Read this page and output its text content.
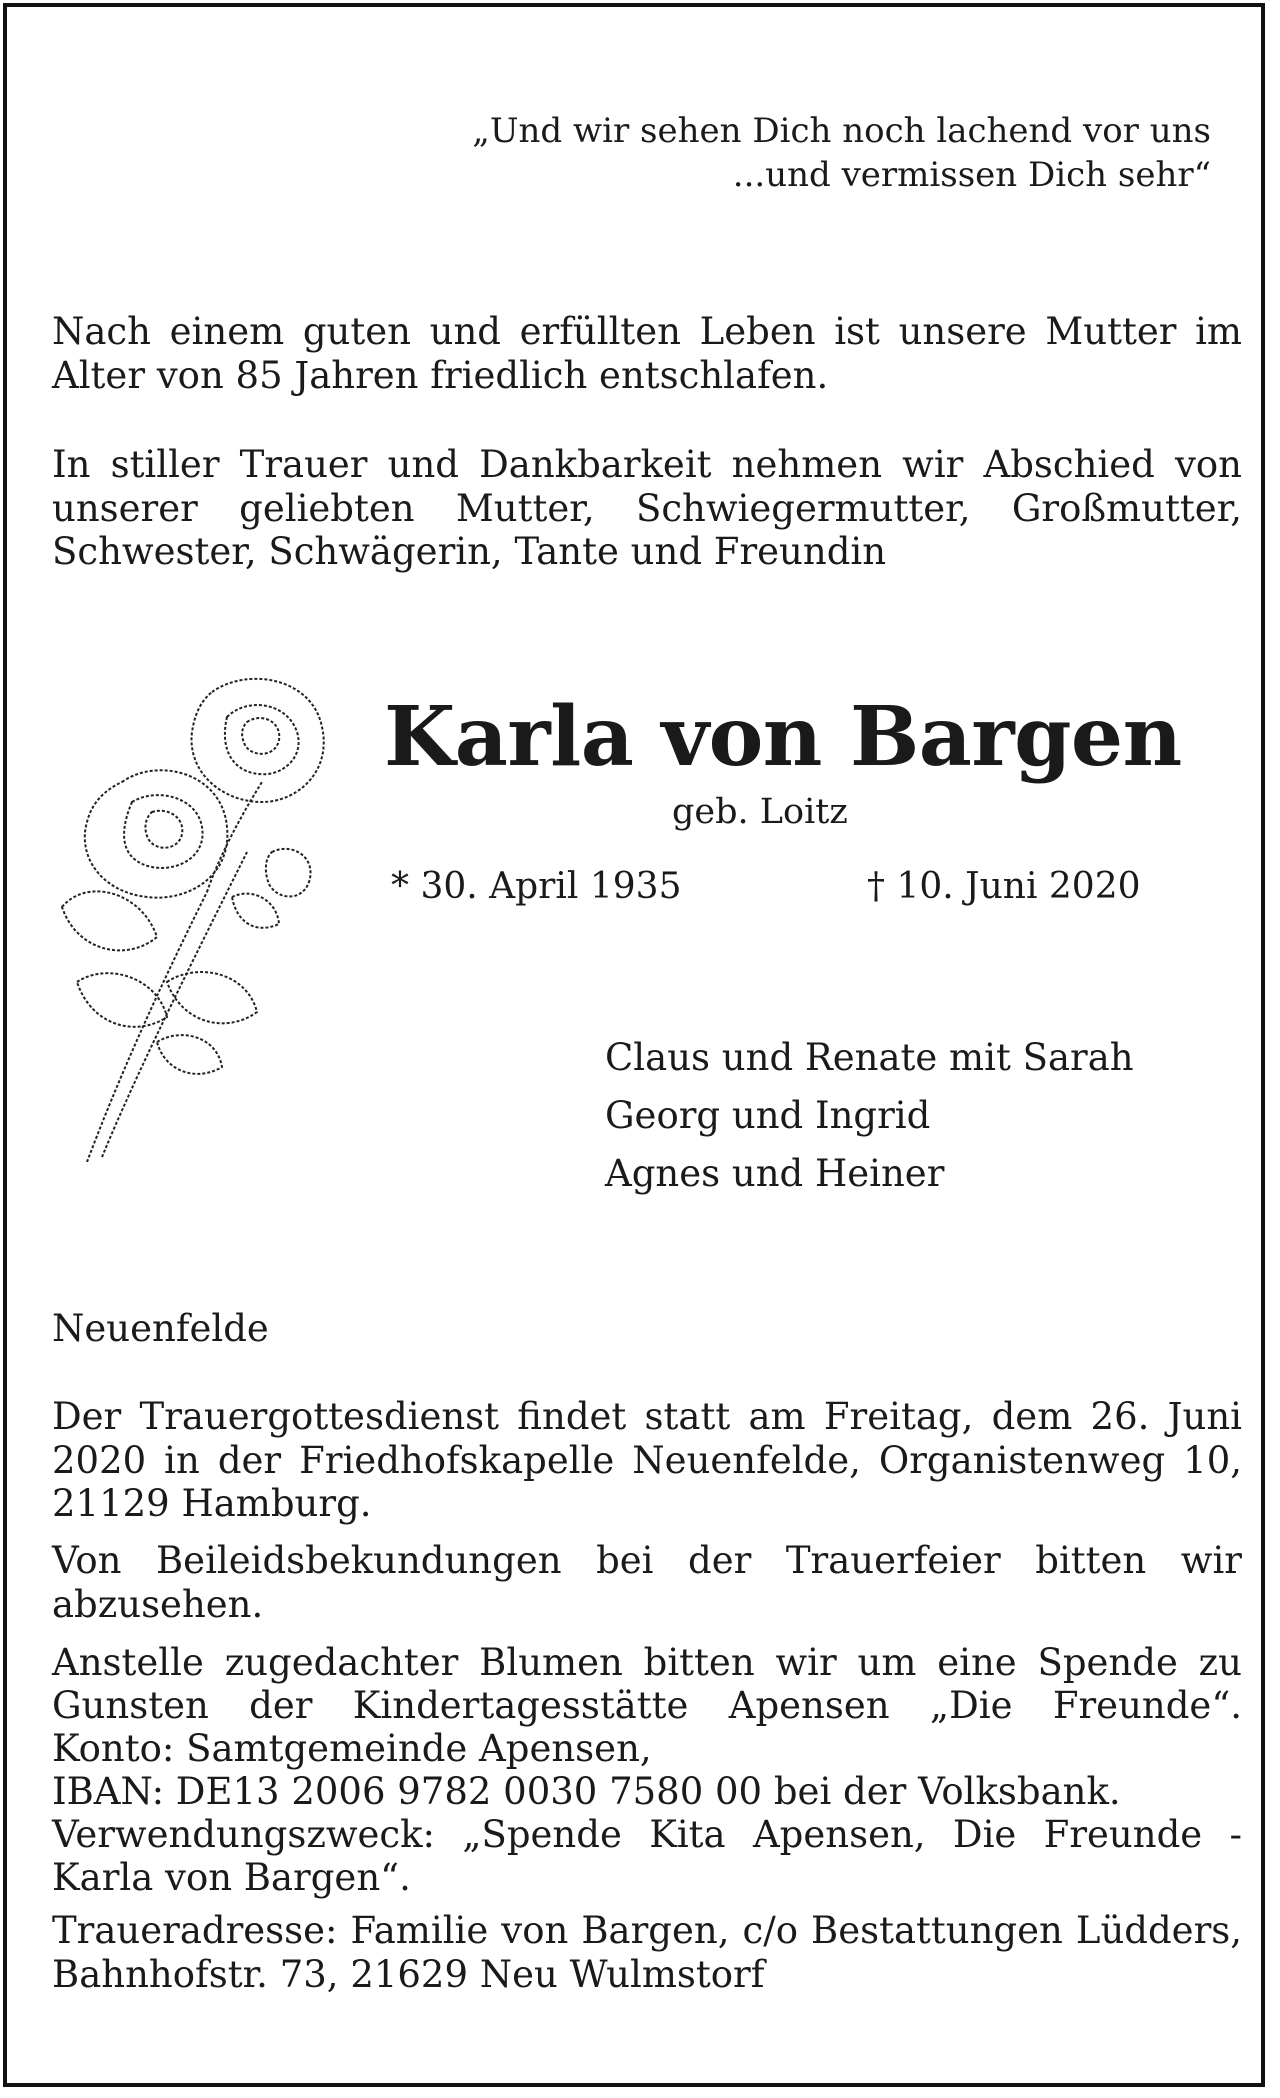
„Und wir sehen Dich noch lachend vor uns
...und vermissen Dich sehr“

Nach einem guten und erfüllten Leben ist unsere Mutter im Alter von 85 Jahren friedlich entschlafen.

In stiller Trauer und Dankbarkeit nehmen wir Abschied von unserer geliebten Mutter, Schwiegermutter, Großmutter, Schwester, Schwägerin, Tante und Freundin

Karla von Bargen
geb. Loitz
* 30. April 1935	† 10. Juni 2020
Claus und Renate mit Sarah
Georg und Ingrid
Agnes und Heiner
Neuenfelde

Der Trauergottesdienst findet statt am Freitag, dem 26. Juni 2020 in der Friedhofskapelle Neuenfelde, Organistenweg 10, 21129 Hamburg.

Von Beileidsbekundungen bei der Trauerfeier bitten wir abzusehen.

Anstelle zugedachter Blumen bitten wir um eine Spende zu Gunsten der Kindertagesstätte Apensen „Die Freunde“.
Konto: Samtgemeinde Apensen,
IBAN: DE13 2006 9782 0030 7580 00 bei der Volksbank.
Verwendungszweck: „Spende Kita Apensen, Die Freunde - Karla von Bargen“.

Traueradresse: Familie von Bargen, c/o Bestattungen Lüdders, Bahnhofstr. 73, 21629 Neu Wulmstorf
